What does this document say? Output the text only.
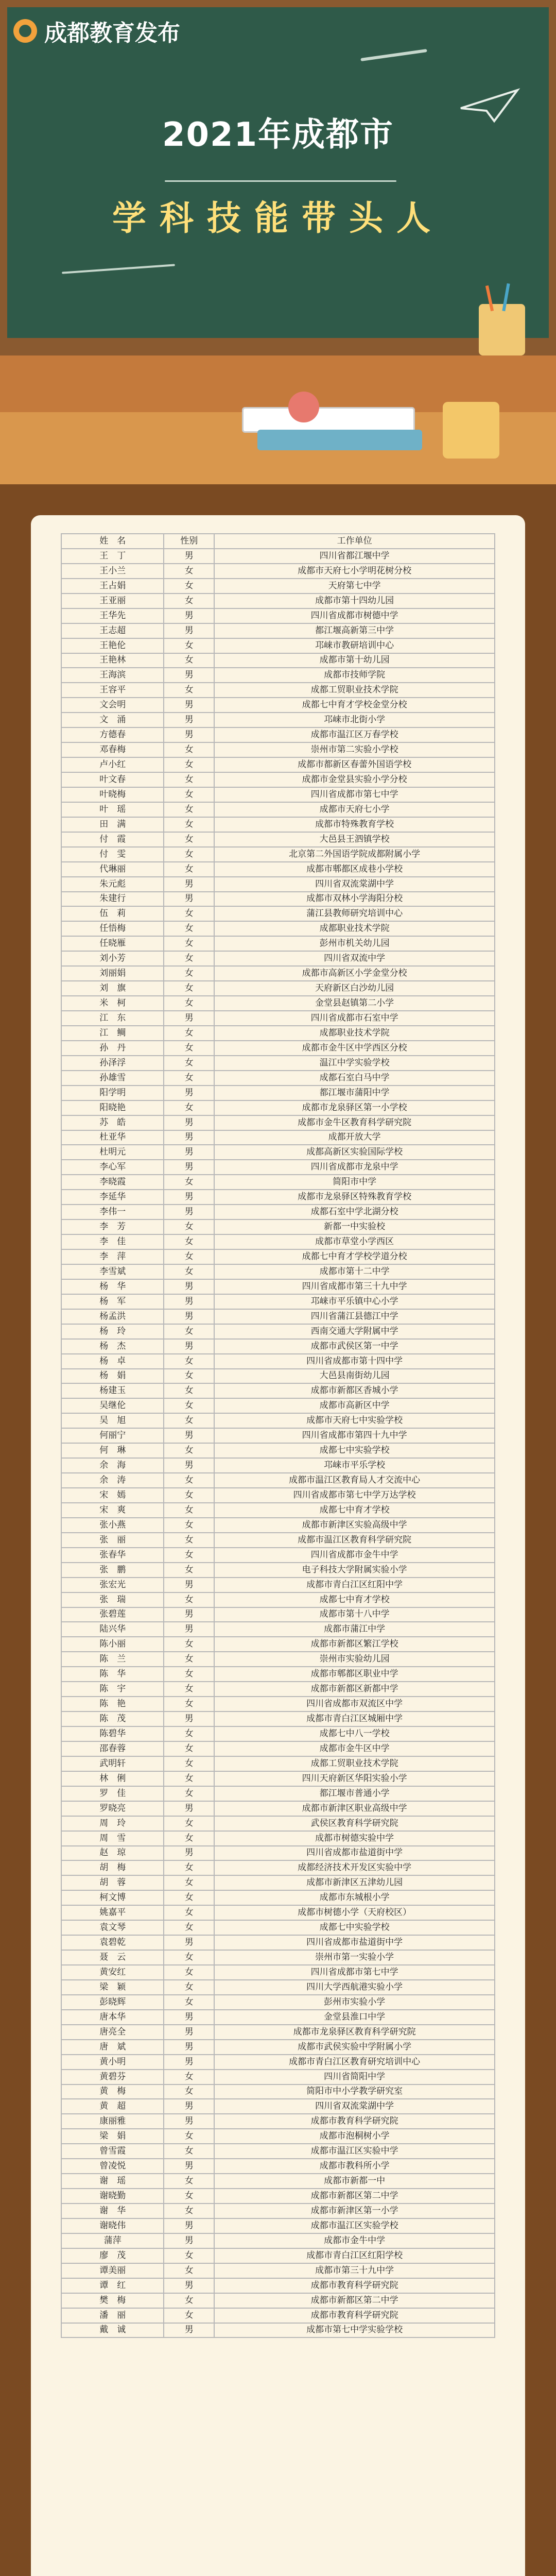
成都教育发布
2021年成都市
学科技能带头人
姓　名	性别	工作单位
王　丁	男	四川省都江堰中学
王小兰	女	成都市天府七小学明花树分校
王占娟	女	天府第七中学
王亚丽	女	成都市第十四幼儿园
王华先	男	四川省成都市树德中学
王志超	男	都江堰高新第三中学
王艳伦	女	邛崃市教研培训中心
王艳林	女	成都市第十幼儿园
王海滨	男	成都市技师学院
王容平	女	成都工贸职业技术学院
文会明	男	成都七中育才学校金堂分校
文　涌	男	邛崃市北街小学
方德春	男	成都市温江区万春学校
邓春梅	女	崇州市第二实验小学校
卢小红	女	成都市都新区春蕾外国语学校
叶文春	女	成都市金堂县实验小学分校
叶晓梅	女	四川省成都市第七中学
叶　瑶	女	成都市天府七小学
田　满	女	成都市特殊教育学校
付　霞	女	大邑县王泗镇学校
付　雯	女	北京第二外国语学院成都附属小学
代琳丽	女	成都市郫都区成巷小学校
朱元彪	男	四川省双流棠湖中学
朱建行	男	成都市双林小学海阳分校
伍　莉	女	蒲江县教师研究培训中心
任悟梅	女	成都职业技术学院
任晓雁	女	彭州市机关幼儿园
刘小芳	女	四川省双流中学
刘丽娟	女	成都市高新区小学金堂分校
刘　旗	女	天府新区白沙幼儿园
米　柯	女	金堂县赵镇第二小学
江　东	男	四川省成都市石室中学
江　鲷	女	成都职业技术学院
孙　丹	女	成都市金牛区中学西区分校
孙泽浮	女	温江中学实验学校
孙雄雪	女	成都石室白马中学
阳学明	男	都江堰市蒲阳中学
阳晓艳	女	成都市龙泉驿区第一小学校
苏　皓	男	成都市金牛区教育科学研究院
杜亚华	男	成都开放大学
杜明元	男	成都高新区实验国际学校
李心军	男	四川省成都市龙泉中学
李晓霞	女	简阳市中学
李延华	男	成都市龙泉驿区特殊教育学校
李伟一	男	成都石室中学北湖分校
李　芳	女	新都一中实验校
李　佳	女	成都市草堂小学西区
李　萍	女	成都七中育才学校学道分校
李雪斌	女	成都市第十二中学
杨　华	男	四川省成都市第三十九中学
杨　军	男	邛崃市平乐镇中心小学
杨孟洪	男	四川省蒲江县德江中学
杨　玲	女	西南交通大学附属中学
杨　杰	男	成都市武侯区第一中学
杨　卓	女	四川省成都市第十四中学
杨　娟	女	大邑县南街幼儿园
杨建玉	女	成都市新都区香城小学
吴继伦	女	成都市高新区中学
吴　旭	女	成都市天府七中实验学校
何丽宁	男	四川省成都市第四十九中学
何　琳	女	成都七中实验学校
余　海	男	邛崃市平乐学校
余　涛	女	成都市温江区教育局人才交流中心
宋　嫣	女	四川省成都市第七中学万达学校
宋　爽	女	成都七中育才学校
张小燕	女	成都市新津区实验高级中学
张　丽	女	成都市温江区教育科学研究院
张春华	女	四川省成都市金牛中学
张　鹏	女	电子科技大学附属实验小学
张宏光	男	成都市青白江区红阳中学
张　瑞	女	成都七中育才学校
张碧莲	男	成都市第十八中学
陆兴华	男	成都市蒲江中学
陈小丽	女	成都市新都区繁江学校
陈　兰	女	崇州市实验幼儿园
陈　华	女	成都市郫都区职业中学
陈　宇	女	成都市新都区新都中学
陈　艳	女	四川省成都市双流区中学
陈　茂	男	成都市青白江区城厢中学
陈碧华	女	成都七中八一学校
邵春蓉	女	成都市金牛区中学
武明轩	女	成都工贸职业技术学院
林　俐	女	四川天府新区华阳实验小学
罗　佳	女	都江堰市普通小学
罗晓亮	男	成都市新津区职业高级中学
周　玲	女	武侯区教育科学研究院
周　雪	女	成都市树德实验中学
赵　琼	男	四川省成都市盐道街中学
胡　梅	女	成都经济技术开发区实验中学
胡　蓉	女	成都市新津区五津幼儿园
柯文博	女	成都市东城根小学
姚嘉平	女	成都市树德小学（天府校区）
袁文琴	女	成都七中实验学校
袁碧乾	男	四川省成都市盐道街中学
聂　云	女	崇州市第一实验小学
黄安红	女	四川省成都市第七中学
梁　颖	女	四川大学西航港实验小学
彭晓辉	女	彭州市实验小学
唐本华	男	金堂县淮口中学
唐亮全	男	成都市龙泉驿区教育科学研究院
唐　斌	男	成都市武侯实验中学附属小学
黄小明	男	成都市青白江区教育研究培训中心
黄碧芬	女	四川省简阳中学
黄　梅	女	简阳市中小学教学研究室
黄　超	男	四川省双流棠湖中学
康丽雅	男	成都市教育科学研究院
梁　娟	女	成都市泡桐树小学
曾雪霞	女	成都市温江区实验中学
曾凌悦	男	成都市教科所小学
谢　瑶	女	成都市新都一中
谢晓勤	女	成都市新都区第二中学
谢　华	女	成都市新津区第一小学
谢晓伟	男	成都市温江区实验学校
蒲萍	男	成都市金牛中学
廖　茂	女	成都市青白江区红阳学校
谭美丽	女	成都市第三十九中学
谭　红	男	成都市教育科学研究院
樊　梅	女	成都市新都区第二中学
潘　丽	女	成都市教育科学研究院
戴　诚	男	成都市第七中学实验学校
